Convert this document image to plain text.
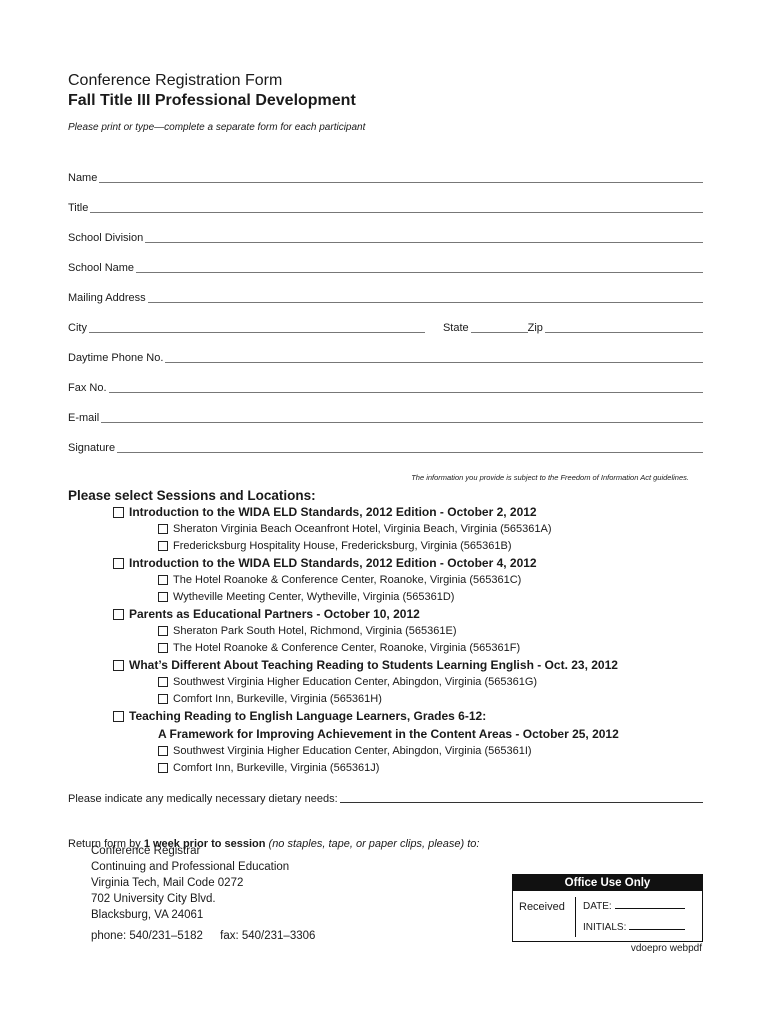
Conference Registration Form
Fall Title III Professional Development
Please print or type—complete a separate form for each participant
Name
Title
School Division
School Name
Mailing Address
City	State	Zip
Daytime Phone No.
Fax No.
E-mail
Signature
The information you provide is subject to the Freedom of Information Act guidelines.
Please select Sessions and Locations:
Introduction to the WIDA ELD Standards, 2012 Edition - October 2, 2012
Sheraton Virginia Beach Oceanfront Hotel, Virginia Beach, Virginia (565361A)
Fredericksburg Hospitality House, Fredericksburg, Virginia (565361B)
Introduction to the WIDA ELD Standards, 2012 Edition - October 4, 2012
The Hotel Roanoke & Conference Center, Roanoke, Virginia (565361C)
Wytheville Meeting Center, Wytheville, Virginia (565361D)
Parents as Educational Partners - October 10, 2012
Sheraton Park South Hotel, Richmond, Virginia (565361E)
The Hotel Roanoke & Conference Center, Roanoke, Virginia (565361F)
What’s Different About Teaching Reading to Students Learning English - Oct. 23, 2012
Southwest Virginia Higher Education Center, Abingdon, Virginia (565361G)
Comfort Inn, Burkeville, Virginia (565361H)
Teaching Reading to English Language Learners, Grades 6-12:
A Framework for Improving Achievement in the Content Areas - October 25, 2012
Southwest Virginia Higher Education Center, Abingdon, Virginia (565361I)
Comfort Inn, Burkeville, Virginia (565361J)
Please indicate any medically necessary dietary needs:
Return form by 1 week prior to session (no staples, tape, or paper clips, please) to:
Conference Registrar
Continuing and Professional Education
Virginia Tech, Mail Code 0272
702 University City Blvd.
Blacksburg, VA 24061
phone: 540/231–5182 fax: 540/231–3306
Office Use Only
Received DATE:
INITIALS:
vdoepro webpdf
